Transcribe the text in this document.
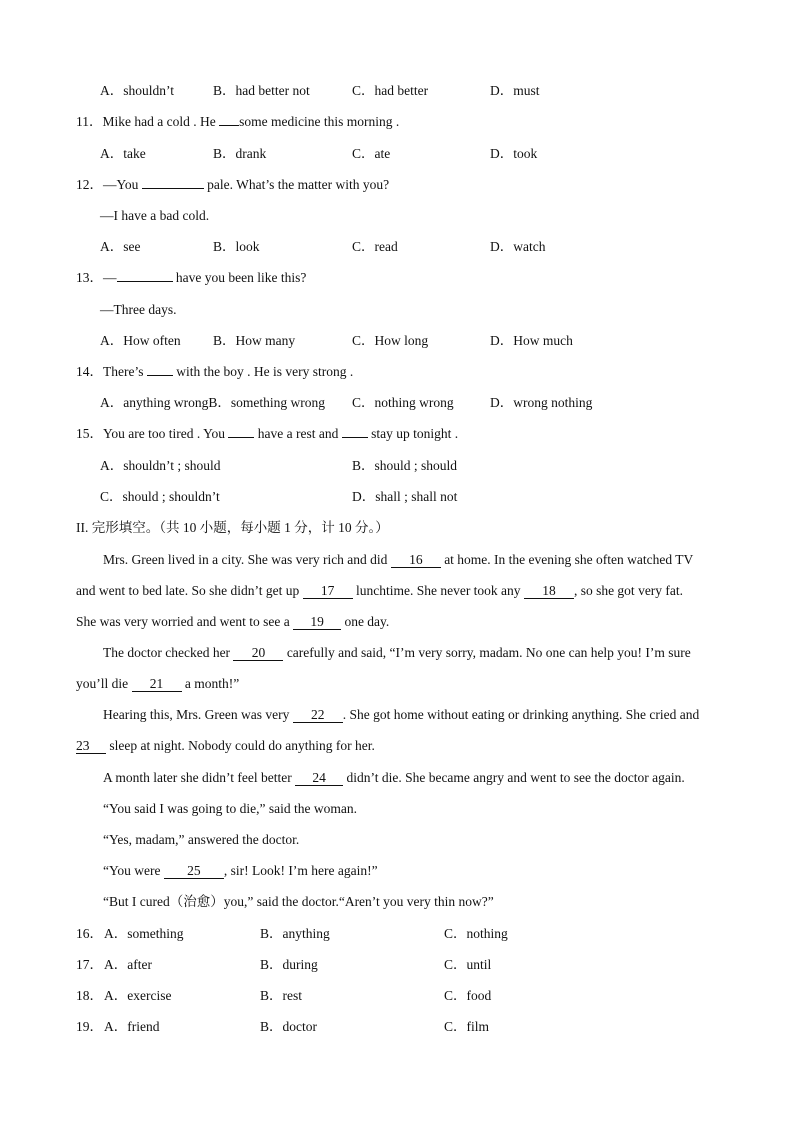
A．shouldn’t	B．had better not	C．had better	D．must
11．Mike had a cold . He some medicine this morning .
A．take	B．drank	C．ate	D．took
12．—You	pale. What’s the matter with you?
—I have a bad cold.
A．see	B．look	C．read	D．watch
13．—	have you been like this?
—Three days.
A．How often B．How many	C．How long	D．How much
14．There’s  with the boy . He is very strong .
A．anything wrongB．something wrong C．nothing wrong	D．wrong nothing
15．You are too tired . You  have a rest and  stay up tonight .
A．shouldn’t ; should	B．should ; should
C．should ; shouldn’t	D．shall ; shall not
II. 完形填空。（共 10 小题，每小题 1 分，计 10 分。）
Mrs. Green lived in a city. She was very rich and did 16 at home. In the evening she often watched TV
and went to bed late. So she didn’t get up 17 lunchtime. She never took any 18 , so she got very fat.
She was very worried and went to see a 19 one day.
The doctor checked her 20 carefully and said, “I’m very sorry, madam. No one can help you! I’m sure
you’ll die 21 a month!”
Hearing this, Mrs. Green was very 22 . She got home without eating or drinking anything. She cried and
23 sleep at night. Nobody could do anything for her.
A month later she didn’t feel better 24 didn’t die. She became angry and went to see the doctor again.
“You said I was going to die,” said the woman.
“Yes, madam,” answered the doctor.
“You were 25 , sir! Look! I’m here again!”
“But I cured（治愈）you,” said the doctor.“Aren’t you very thin now?”
16． A．something	B．anything	C．nothing
17． A．after	B．during	C．until
18． A．exercise	B．rest	C．food
19． A．friend	B．doctor	C．film
